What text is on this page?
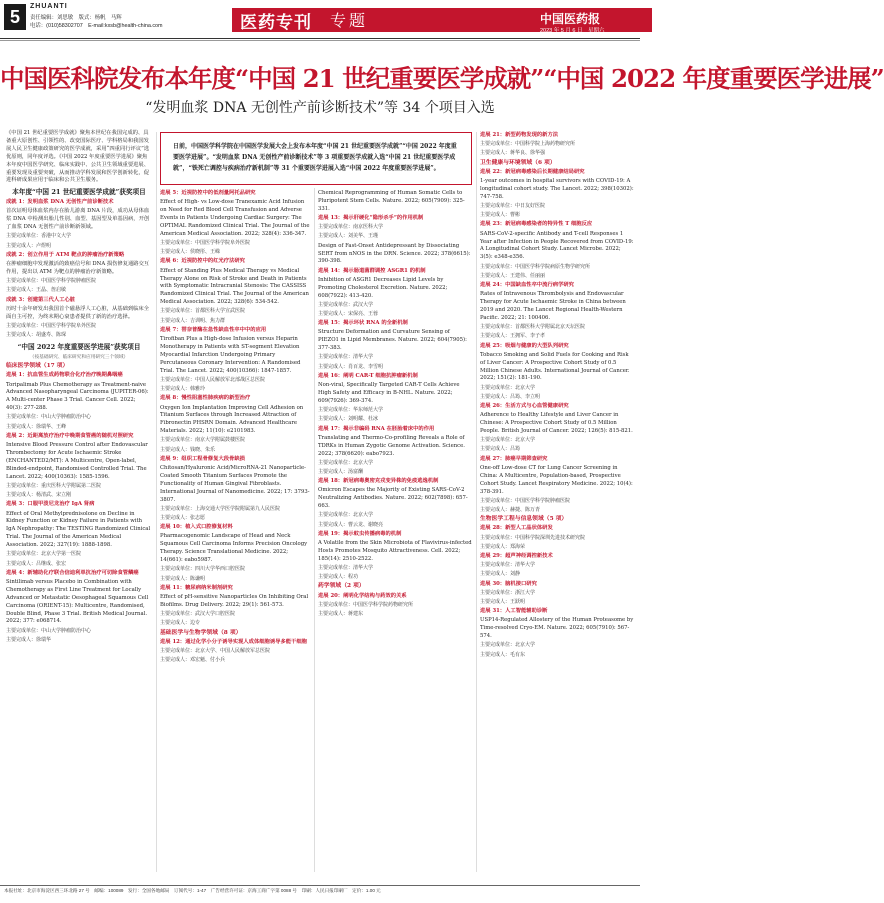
5
ZHUANTI
责任编辑：刘思敏　版式：杨帆　马辉
电话：(010)58302707　E-mail:kxsb@health-china.com	医药专刊 专题	中国医药报
2023 年 5 月 6 日　星期六
中国医科院发布本年度“中国 21 世纪重要医学成就”“中国 2022 年度重要医学进展”
“发明血浆 DNA 无创性产前诊断技术”等 34 个项目入选
日前，中国医学科学院在中国医学发展大会上发布本年度“中国 21 世纪重要医学成就”“中国 2022 年度重要医学进展”。“发明血浆 DNA 无创性产前诊断技术”等 3 项重要医学成就入选“中国 21 世纪重要医学成就”，“铁死亡调控与疾病治疗新机制”等 31 个重要医学进展入选“中国 2022 年度重要医学进展”。

《中国 21 世纪重要医学成就》聚焦本世纪在我国完成的、具备重大原创性、引领性的、改变国际医疗、学科格局和我国发展人民卫生健康政策研究的医学成就，采用“四重同行评议”选优原则，同年度评选。《中国 2022 年度重要医学进展》聚焦本年度中国医学研究、临床实践中、公共卫生领域重要进展、重要发现及重要突破，从而推动学科发展和医学创新转化，促进科研成果应用于临床和公共卫生服务。

本年度“中国 21 世纪重要医学成就”获奖项目

成就 1：发明血浆 DNA 无创性产前诊断技术

首次证明母体血浆内存在胎儿游离 DNA 片段，成功从母体血浆 DNA 中检测出胎儿性别、血型、基因型及单基因病，开创了血浆 DNA 无创性产前诊断新领域。

主要完成单位：香港中文大学

主要完成人：卢煜明

成就 2：创立作用于 ATM 靶点的肿瘤治疗新策略

在肿瘤细胞中发现激活的致癌信号和 DNA 损伤修复通路交互作用，提出以 ATM 为靶点的肿瘤治疗新策略。

主要完成单位：中国医学科学院肿瘤医院

主要完成人：王晶、詹启敏

成就 3：创建第三代人工心脏

历时十余年研发出我国首个磁悬浮人工心脏，从基础到临床全面自主可控，为终末期心衰患者提供了新的治疗选择。

主要完成单位：中国医学科学院阜外医院

主要完成人：胡盛寿、陈琛

“中国 2022 年度重要医学进展”获奖项目

（按基础研究、临床研究和应用研究三个领域）

临床医学领域（17 项）

进展 1：抗血管生成药物联合化疗治疗晚期鼻咽癌

Toripalimab Plus Chemotherapy as Treatment-naive Advanced Nasopharyngeal Carcinoma (JUPITER-06): A Multi-center Phase 3 Trial. Cancer Cell. 2022; 40(3): 277-288.

主要完成单位：中山大学肿瘤防治中心

主要完成人：徐瑞华、王峰

进展 2：近距离放疗治疗中晚期食管癌的随机对照研究

Intensive Blood Pressure Control after Endovascular Thrombectomy for Acute Ischaemic Stroke (ENCHANTED2/MT): A Multicentre, Open-label, Blinded-endpoint, Randomised Controlled Trial. The Lancet. 2022; 400(10363): 1585-1596.

主要完成单位：重庆医科大学附属第二医院

主要完成人：杨清武、宋立刚

进展 3：口服甲泼尼龙治疗 IgA 肾病

Effect of Oral Methylprednisolone on Decline in Kidney Function or Kidney Failure in Patients with IgA Nephropathy: The TESTING Randomized Clinical Trial. The Journal of the American Medical Association. 2022; 327(19): 1888-1898.

主要完成单位：北京大学第一医院

主要完成人：吕继成、张宏

进展 4：新辅助化疗联合信迪利单抗治疗可切除食管鳞癌

Sintilimab versus Placebo in Combination with Chemotherapy as First Line Treatment for Locally Advanced or Metastatic Oesophageal Squamous Cell Carcinoma (ORIENT-15): Multicentre, Randomised, Double Blind, Phase 3 Trial. British Medical Journal. 2022; 377: e068714.

主要完成单位：中山大学肿瘤防治中心

主要完成人：徐瑞华

进展 5：近视防控中的低剂量阿托品研究

Effect of High- vs Low-dose Tranexamic Acid Infusion on Need for Red Blood Cell Transfusion and Adverse Events in Patients Undergoing Cardiac Surgery: The OPTIMAL Randomized Clinical Trial. The Journal of the American Medical Association. 2022; 328(4): 336-347.

主要完成单位：中国医学科学院阜外医院

主要完成人：侯晓彤、王嵘

进展 6：近视防控中的红光疗法研究

Effect of Standing Plus Medical Therapy vs Medical Therapy Alone on Risk of Stroke and Death in Patients with Symptomatic Intracranial Stenosis: The CASSISS Randomized Clinical Trial. The Journal of the American Medical Association. 2022; 328(6): 534-542.

主要完成单位：首都医科大学宣武医院

主要完成人：吉训明、焦力群

进展 7：替奈普酶在急性缺血性卒中中的应用

Tirofiban Plus a High-dose Infusion versus Heparin Monotherapy in Patients with ST-segment Elevation Myocardial Infarction Undergoing Primary Percutaneous Coronary Intervention: A Randomised Trial. The Lancet. 2022; 400(10366): 1847-1857.

主要完成单位：中国人民解放军北部战区总医院

主要完成人：韩雅玲

进展 8：慢性阻塞性肺疾病的新型治疗

Oxygen Ion Implantation Improving Cell Adhesion on Titanium Surfaces through Increased Attraction of Fibronectin PHSRN Domain. Advanced Healthcare Materials. 2022; 11(10): e2101983.

主要完成单位：南京大学附属鼓楼医院

主要完成人：钱晓、朱乐

进展 9：组织工程骨修复大段骨缺损

Chitosan/Hyaluronic Acid/MicroRNA-21 Nanoparticle-Coated Smooth Titanium Surfaces Promote the Functionality of Human Gingival Fibroblasts. International Journal of Nanomedicine. 2022; 17: 3793-3807.

主要完成单位：上海交通大学医学院附属第九人民医院

主要完成人：张志愿

进展 10：植入式口腔修复材料

Pharmacogenomic Landscape of Head and Neck Squamous Cell Carcinoma Informs Precision Oncology Therapy. Science Translational Medicine. 2022; 14(661): eabo5987.

主要完成单位：四川大学华西口腔医院

主要完成人：陈谦明

进展 11：糖尿病纳米制剂研究

Effect of pH-sensitive Nanoparticles On Inhibiting Oral Biofilms. Drug Delivery. 2022; 29(1): 561-573.

主要完成单位：武汉大学口腔医院

主要完成人：边专

基础医学与生物学领域（8 项）

进展 12：通过化学小分子诱导实现人成体细胞诱导多能干细胞

主要完成单位：北京大学、中国人民解放军总医院

主要完成人：邓宏魁、付小兵

Chemical Reprogramming of Human Somatic Cells to Pluripotent Stem Cells. Nature. 2022; 605(7909): 325-331.

进展 13：揭示肝硬化“隐形杀手”的作用机制

主要完成单位：南京医科大学

主要完成人：刘美华、王瑾

Design of Fast-Onset Antidepressant by Dissociating SERT from nNOS in the DRN. Science. 2022; 378(6615): 390-398.

进展 14：揭示肠道菌群调控 ASGR1 的机制

Inhibition of ASGR1 Decreases Lipid Levels by Promoting Cholesterol Excretion. Nature. 2022; 608(7922): 413-420.

主要完成单位：武汉大学

主要完成人：宋保亮、王蓉

进展 15：揭示环状 RNA 的全新机制

Structure Deformation and Curvature Sensing of PIEZO1 in Lipid Membranes. Nature. 2022; 604(7905): 377-383.

主要完成单位：清华大学

主要完成人：肖百龙、李雪明

进展 16：阐明 CAR-T 细胞抗肿瘤新机制

Non-viral, Specifically Targeted CAR-T Cells Achieve High Safety and Efficacy in B-NHL. Nature. 2022; 609(7926): 369-374.

主要完成单位：华东师范大学

主要完成人：刘明耀、杜冰

进展 17：揭示非编码 RNA 在胚胎着床中的作用

Translating and Thermo-Co-profiling Reveals a Role of TDRKs in Human Zygotic Genome Activation. Science. 2022; 378(6620): eabo7923.

主要完成单位：北京大学

主要完成人：汤富酬

进展 18：新冠病毒奥密克戎变异株的免疫逃逸机制

Omicron Escapes the Majority of Existing SARS-CoV-2 Neutralizing Antibodies. Nature. 2022; 602(7898): 657-663.

主要完成单位：北京大学

主要完成人：曹云龙、谢晓亮

进展 19：揭示蚊虫传播病毒的机制

A Volatile from the Skin Microbiota of Flavivirus-infected Hosts Promotes Mosquito Attractiveness. Cell. 2022; 185(14): 2510-2522.

主要完成单位：清华大学

主要完成人：程功

药学领域（2 项）

进展 20：阐明化学结构与药效的关系

主要完成单位：中国医学科学院药物研究所

主要完成人：蒋建东

进展 21：新型药物发现的新方法

主要完成单位：中国科学院上海药物研究所

主要完成人：蒋华良、徐华强

卫生健康与环境领域（6 项）

进展 22：新冠病毒感染后长期健康结局研究

1-year outcomes in hospital survivors with COVID-19: A longitudinal cohort study. The Lancet. 2022; 398(10302): 747-758.

主要完成单位：中日友好医院

主要完成人：曹彬

进展 23：新冠病毒感染者的特异性 T 细胞反应

SARS-CoV-2-specific Antibody and T-cell Responses 1 Year after Infection in People Recovered from COVID-19: A Longitudinal Cohort Study. Lancet Microbe. 2022; 3(5): e348-e356.

主要完成单位：中国医学科学院病原生物学研究所

主要完成人：王建伟、任丽丽

进展 24：中国缺血性卒中流行病学研究

Rates of Intravenous Thrombolysis and Endovascular Therapy for Acute Ischaemic Stroke in China between 2019 and 2020. The Lancet Regional Health-Western Pacific. 2022; 21: 100406.

主要完成单位：首都医科大学附属北京天坛医院

主要完成人：王拥军、李子孝

进展 25：吸烟与健康的大型队列研究

Tobacco Smoking and Solid Fuels for Cooking and Risk of Liver Cancer: A Prospective Cohort Study of 0.5 Million Chinese Adults. International Journal of Cancer. 2022; 151(2): 181-190.

主要完成单位：北京大学

主要完成人：吕筠、李立明

进展 26：生活方式与心血管健康研究

Adherence to Healthy Lifestyle and Liver Cancer in Chinese: A Prospective Cohort Study of 0.5 Million People. British Journal of Cancer. 2022; 126(5): 815-821.

主要完成单位：北京大学

主要完成人：吕筠

进展 27：肺癌早期筛查研究

One-off Low-dose CT for Lung Cancer Screening in China: A Multicentre, Population-based, Prospective Cohort Study. Lancet Respiratory Medicine. 2022; 10(4): 378-391.

主要完成单位：中国医学科学院肿瘤医院

主要完成人：赫捷、陈万青

生物医学工程与信息领域（5 项）

进展 28：新型人工晶状体研发

主要完成单位：中国科学院深圳先进技术研究院

主要完成人：郑海荣

进展 29：超声神经调控新技术

主要完成单位：清华大学

主要完成人：刘静

进展 30：脑机接口研究

主要完成单位：浙江大学

主要完成人：王跃明

进展 31：人工智能辅助诊断

USP14-Regulated Allostery of the Human Proteasome by Time-resolved Cryo-EM. Nature. 2022; 605(7910): 567-574.

主要完成单位：北京大学

主要完成人：毛有东

本报社址：北京市海淀区西三环北路 27 号　邮编：100089　发行：全国各地邮局　订阅代号：1-47　广告经营许可证：京海工商广字第 0088 号　印刷：人民日报印刷厂　定价：1.00 元
